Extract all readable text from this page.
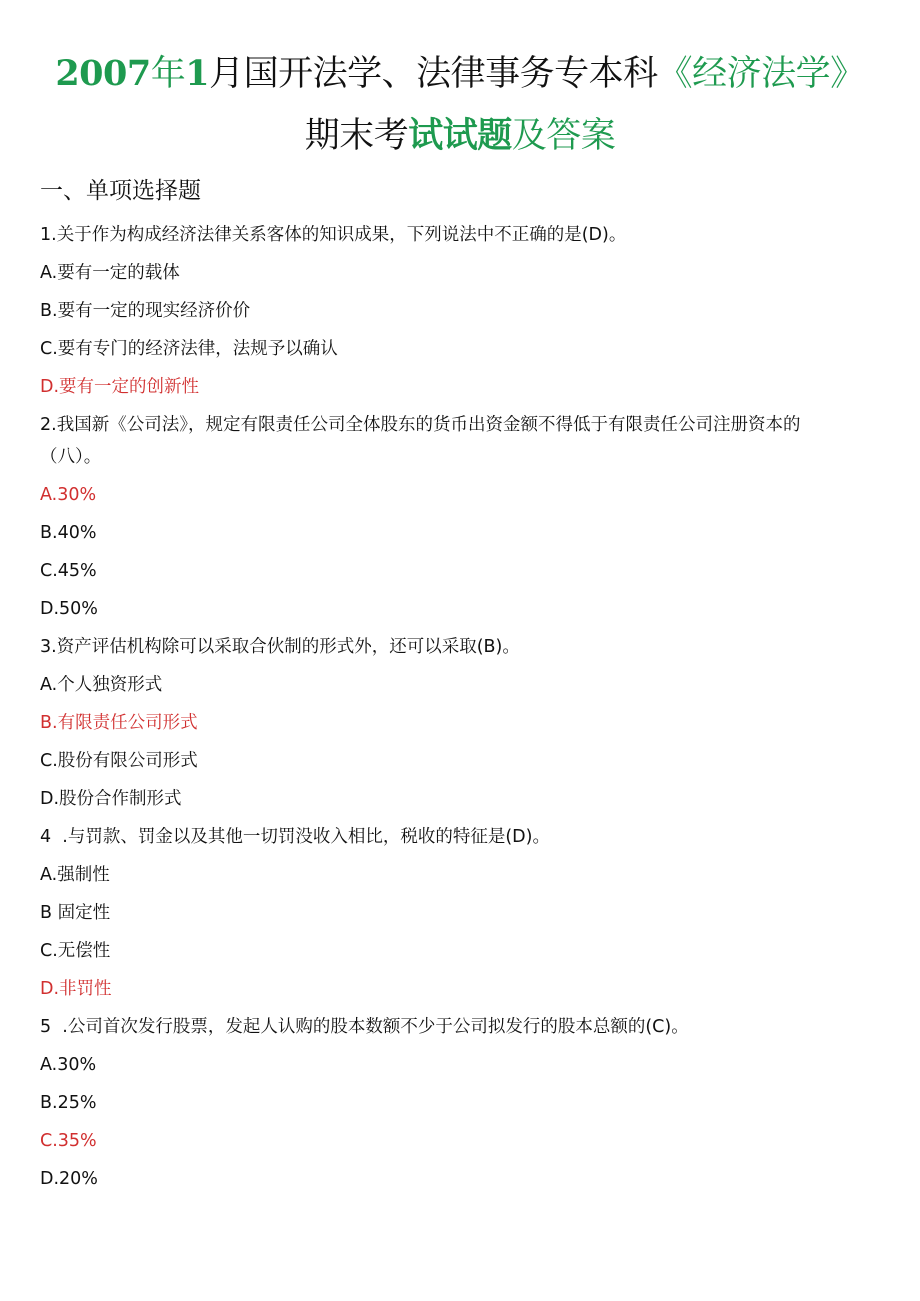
2007年1月国开法学、法律事务专本科《经济法学》
期末考试试题及答案
一、单项选择题
1.关于作为构成经济法律关系客体的知识成果，下列说法中不正确的是(D)。
A.要有一定的载体
B.要有一定的现实经济价价
C.要有专门的经济法律，法规予以确认
D.要有一定的创新性
2.我国新《公司法》，规定有限责任公司全体股东的货币出资金额不得低于有限责任公司注册资本的
（八）。
A.30%
B.40%
C.45%
D.50%
3.资产评估机构除可以采取合伙制的形式外，还可以采取(B)。
A.个人独资形式
B.有限责任公司形式
C.股份有限公司形式
D.股份合作制形式
4  .与罚款、罚金以及其他一切罚没收入相比，税收的特征是(D)。
A.强制性
B 固定性
C.无偿性
D.非罚性
5  .公司首次发行股票，发起人认购的股本数额不少于公司拟发行的股本总额的(C)。
A.30%
B.25%
C.35%
D.20%
